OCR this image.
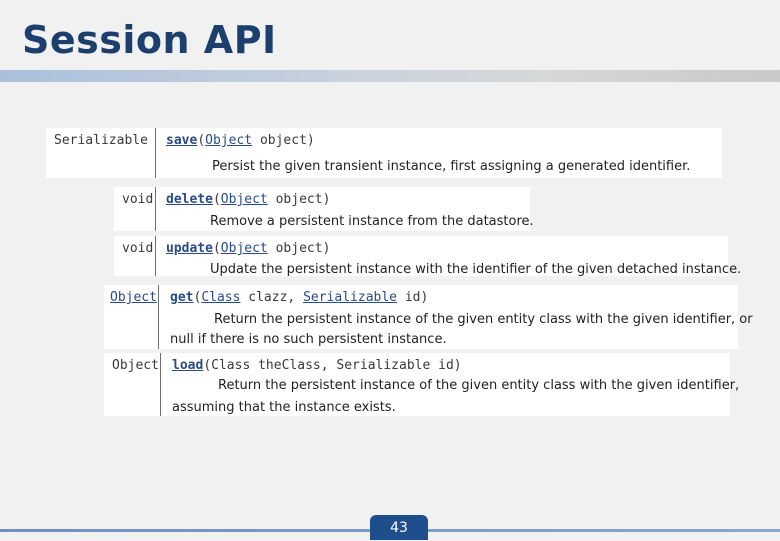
Session API
Serializable	save(Object object)
Persist the given transient instance, first assigning a generated identifier.
void delete(Object object)
Remove a persistent instance from the datastore.
void update(Object object)
Update the persistent instance with the identifier of the given detached instance.
Object get(Class clazz, Serializable id)
Return the persistent instance of the given entity class with the given identifier, or
null if there is no such persistent instance.
Object load(Class theClass, Serializable id)
Return the persistent instance of the given entity class with the given identifier,
assuming that the instance exists.
43
